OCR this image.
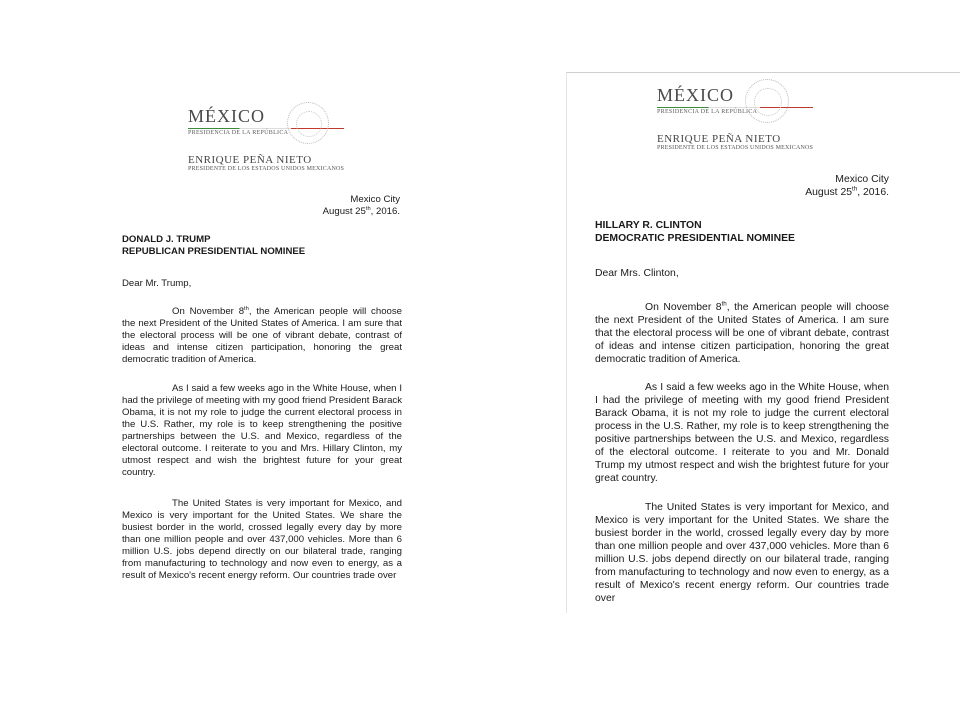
MÉXICO
PRESIDENCIA DE LA REPÚBLICA
ENRIQUE PEÑA NIETO
PRESIDENTE DE LOS ESTADOS UNIDOS MEXICANOS
Mexico City
August 25th, 2016.
DONALD J. TRUMP
REPUBLICAN PRESIDENTIAL NOMINEE
Dear Mr. Trump,

On November 8th, the American people will choose the next President of the United States of America. I am sure that the electoral process will be one of vibrant debate, contrast of ideas and intense citizen participation, honoring the great democratic tradition of America.

As I said a few weeks ago in the White House, when I had the privilege of meeting with my good friend President Barack Obama, it is not my role to judge the current electoral process in the U.S. Rather, my role is to keep strengthening the positive partnerships between the U.S. and Mexico, regardless of the electoral outcome. I reiterate to you and Mrs. Hillary Clinton, my utmost respect and wish the brightest future for your great country.

The United States is very important for Mexico, and Mexico is very important for the United States. We share the busiest border in the world, crossed legally every day by more than one million people and over 437,000 vehicles. More than 6 million U.S. jobs depend directly on our bilateral trade, ranging from manufacturing to technology and now even to energy, as a result of Mexico's recent energy reform. Our countries trade over

MÉXICO
PRESIDENCIA DE LA REPÚBLICA
ENRIQUE PEÑA NIETO
PRESIDENTE DE LOS ESTADOS UNIDOS MEXICANOS
Mexico City
August 25th, 2016.
HILLARY R. CLINTON
DEMOCRATIC PRESIDENTIAL NOMINEE
Dear Mrs. Clinton,

On November 8th, the American people will choose the next President of the United States of America. I am sure that the electoral process will be one of vibrant debate, contrast of ideas and intense citizen participation, honoring the great democratic tradition of America.

As I said a few weeks ago in the White House, when I had the privilege of meeting with my good friend President Barack Obama, it is not my role to judge the current electoral process in the U.S. Rather, my role is to keep strengthening the positive partnerships between the U.S. and Mexico, regardless of the electoral outcome. I reiterate to you and Mr. Donald Trump my utmost respect and wish the brightest future for your great country.

The United States is very important for Mexico, and Mexico is very important for the United States. We share the busiest border in the world, crossed legally every day by more than one million people and over 437,000 vehicles. More than 6 million U.S. jobs depend directly on our bilateral trade, ranging from manufacturing to technology and now even to energy, as a result of Mexico's recent energy reform. Our countries trade over
